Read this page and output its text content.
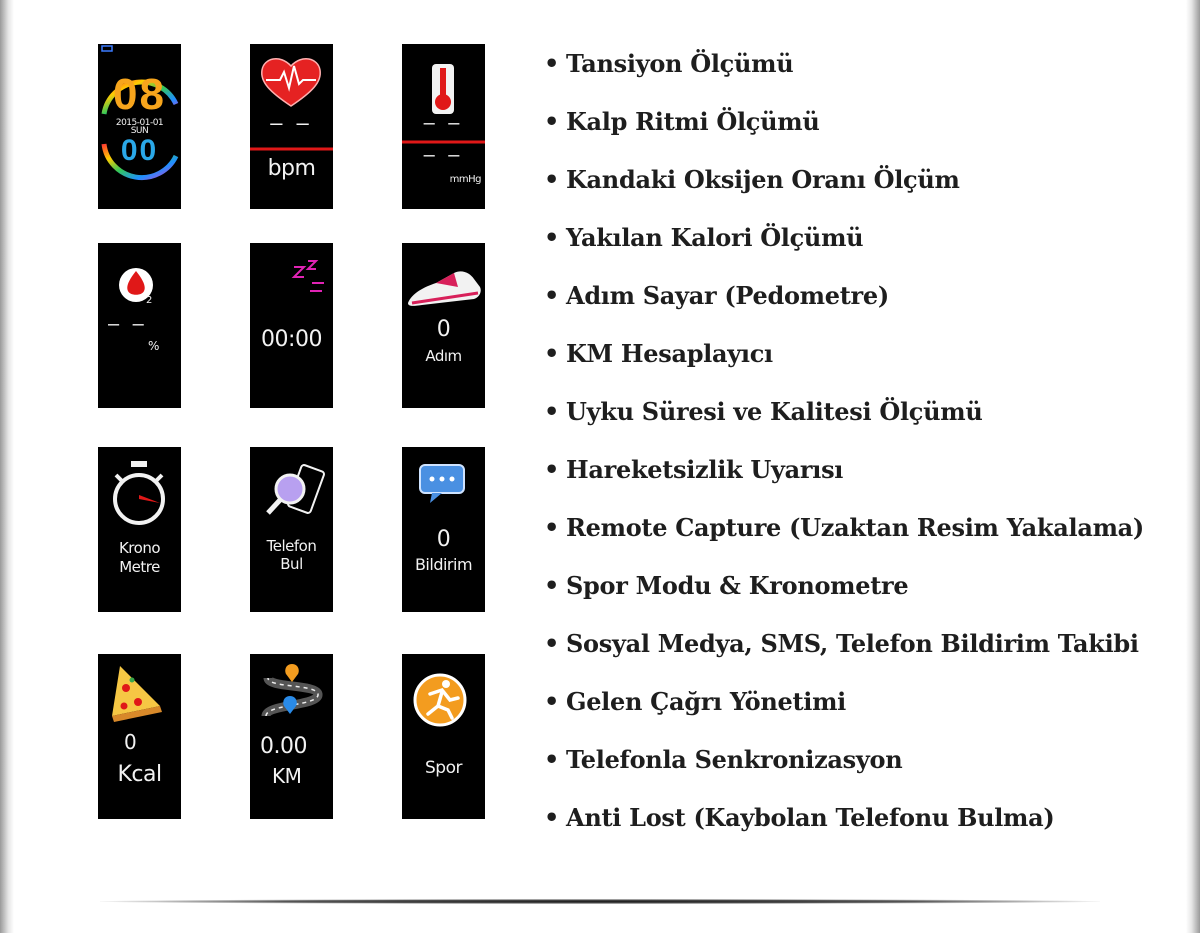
08
2015-01-01
SUN
00
– –
bpm
– –
– –
mmHg
2
– –
%	00:00	0
Adım
Krono
Metre
Telefon
Bul
0
Bildirim
0
Kcal
0.00
KM	Spor
• Tansiyon Ölçümü
• Kalp Ritmi Ölçümü
• Kandaki Oksijen Oranı Ölçüm
• Yakılan Kalori Ölçümü
• Adım Sayar (Pedometre)
• KM Hesaplayıcı
• Uyku Süresi ve Kalitesi Ölçümü
• Hareketsizlik Uyarısı
• Remote Capture (Uzaktan Resim Yakalama)
• Spor Modu & Kronometre
• Sosyal Medya, SMS, Telefon Bildirim Takibi
• Gelen Çağrı Yönetimi
• Telefonla Senkronizasyon
• Anti Lost (Kaybolan Telefonu Bulma)
